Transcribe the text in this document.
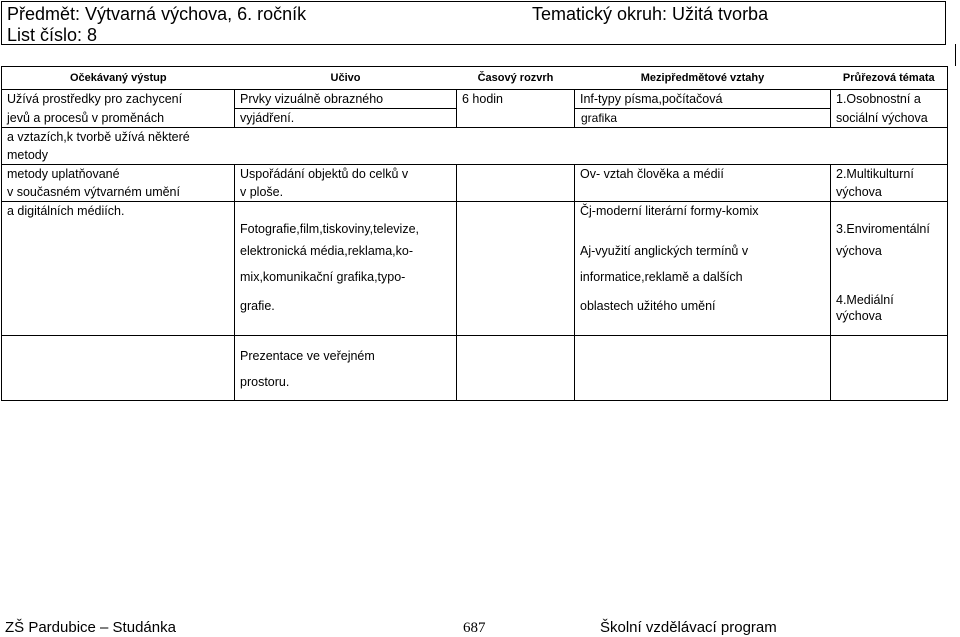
Předmět: Výtvarná výchova, 6. ročník
List číslo: 8
Tematický okruh: Užitá tvorba
Očekávaný výstup	Učivo	Časový rozvrh	Mezipředmětové vztahy	Průřezová témata
Užívá prostředky pro zachycení	Prvky vizuálně obrazného	6 hodin	Inf-typy písma,počítačová	1.Osobnostní a
jevů a procesů v proměnách	vyjádření.		grafika	sociální výchova
a vztazích,k tvorbě užívá některé				
metody				
metody uplatňované	Uspořádání objektů do celků v		Ov- vztah člověka a médií	2.Multikulturní
v současném výtvarném umění	v ploše.			výchova
a digitálních médiích.			Čj-moderní literární formy-komix	
	Fotografie,film,tiskoviny,televize,			3.Enviromentální
	elektronická média,reklama,ko-		Aj-využití anglických termínů v	výchova
	mix,komunikační grafika,typo-		informatice,reklamě a dalších	
	grafie.		oblastech užitého umění	4.Mediální
výchova

	Prezentace ve veřejném
prostoru.			

ZŠ Pardubice – Studánka	687	Školní vzdělávací program
